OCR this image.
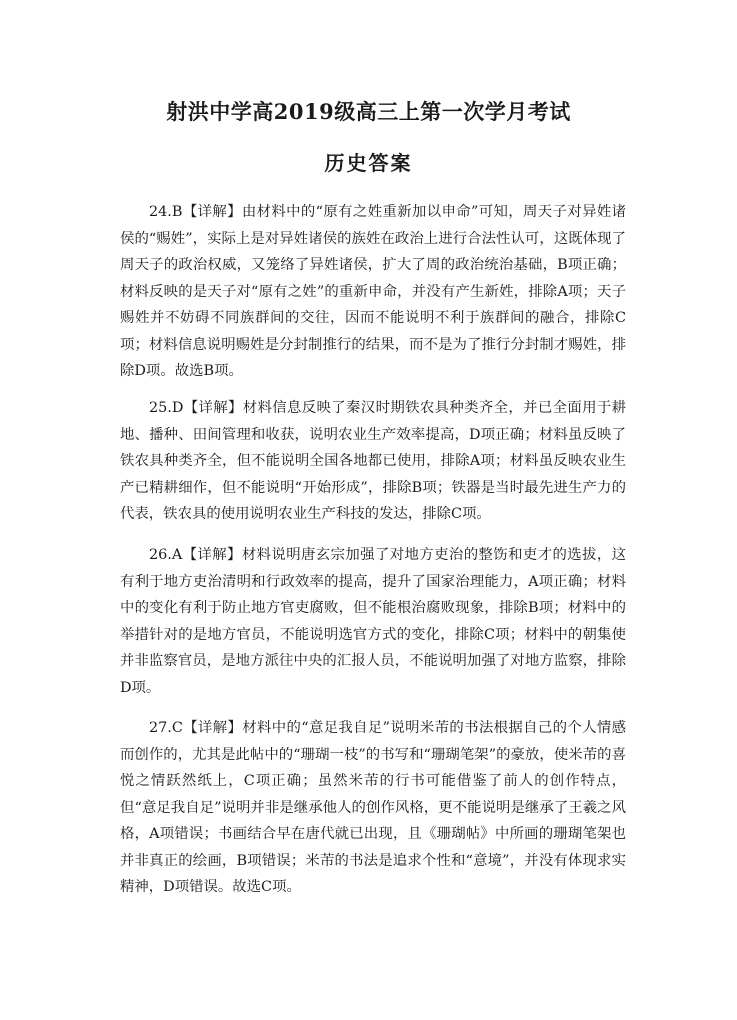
射洪中学高2019级高三上第一次学月考试
历史答案

24.B【详解】由材料中的“原有之姓重新加以申命”可知，周天子对异姓诸侯的“赐姓”，实际上是对异姓诸侯的族姓在政治上进行合法性认可，这既体现了周天子的政治权威，又笼络了异姓诸侯，扩大了周的政治统治基础，B项正确；材料反映的是天子对“原有之姓”的重新申命，并没有产生新姓，排除A项；天子赐姓并不妨碍不同族群间的交往，因而不能说明不利于族群间的融合，排除C项；材料信息说明赐姓是分封制推行的结果，而不是为了推行分封制才赐姓，排除D项。故选B项。

25.D【详解】材料信息反映了秦汉时期铁农具种类齐全，并已全面用于耕地、播种、田间管理和收获，说明农业生产效率提高，D项正确；材料虽反映了铁农具种类齐全，但不能说明全国各地都已使用，排除A项；材料虽反映农业生产已精耕细作，但不能说明“开始形成”，排除B项；铁器是当时最先进生产力的代表，铁农具的使用说明农业生产科技的发达，排除C项。

26.A【详解】材料说明唐玄宗加强了对地方吏治的整饬和吏才的选拔，这有利于地方吏治清明和行政效率的提高，提升了国家治理能力，A项正确；材料中的变化有利于防止地方官吏腐败，但不能根治腐败现象，排除B项；材料中的举措针对的是地方官员，不能说明选官方式的变化，排除C项；材料中的朝集使并非监察官员，是地方派往中央的汇报人员，不能说明加强了对地方监察，排除D项。

27.C【详解】材料中的“意足我自足”说明米芾的书法根据自己的个人情感而创作的，尤其是此帖中的“珊瑚一枝”的书写和“珊瑚笔架”的豪放，使米芾的喜悦之情跃然纸上，C项正确；虽然米芾的行书可能借鉴了前人的创作特点，但“意足我自足”说明并非是继承他人的创作风格，更不能说明是继承了王羲之风格，A项错误；书画结合早在唐代就已出现，且《珊瑚帖》中所画的珊瑚笔架也并非真正的绘画，B项错误；米芾的书法是追求个性和“意境”，并没有体现求实精神，D项错误。故选C项。
